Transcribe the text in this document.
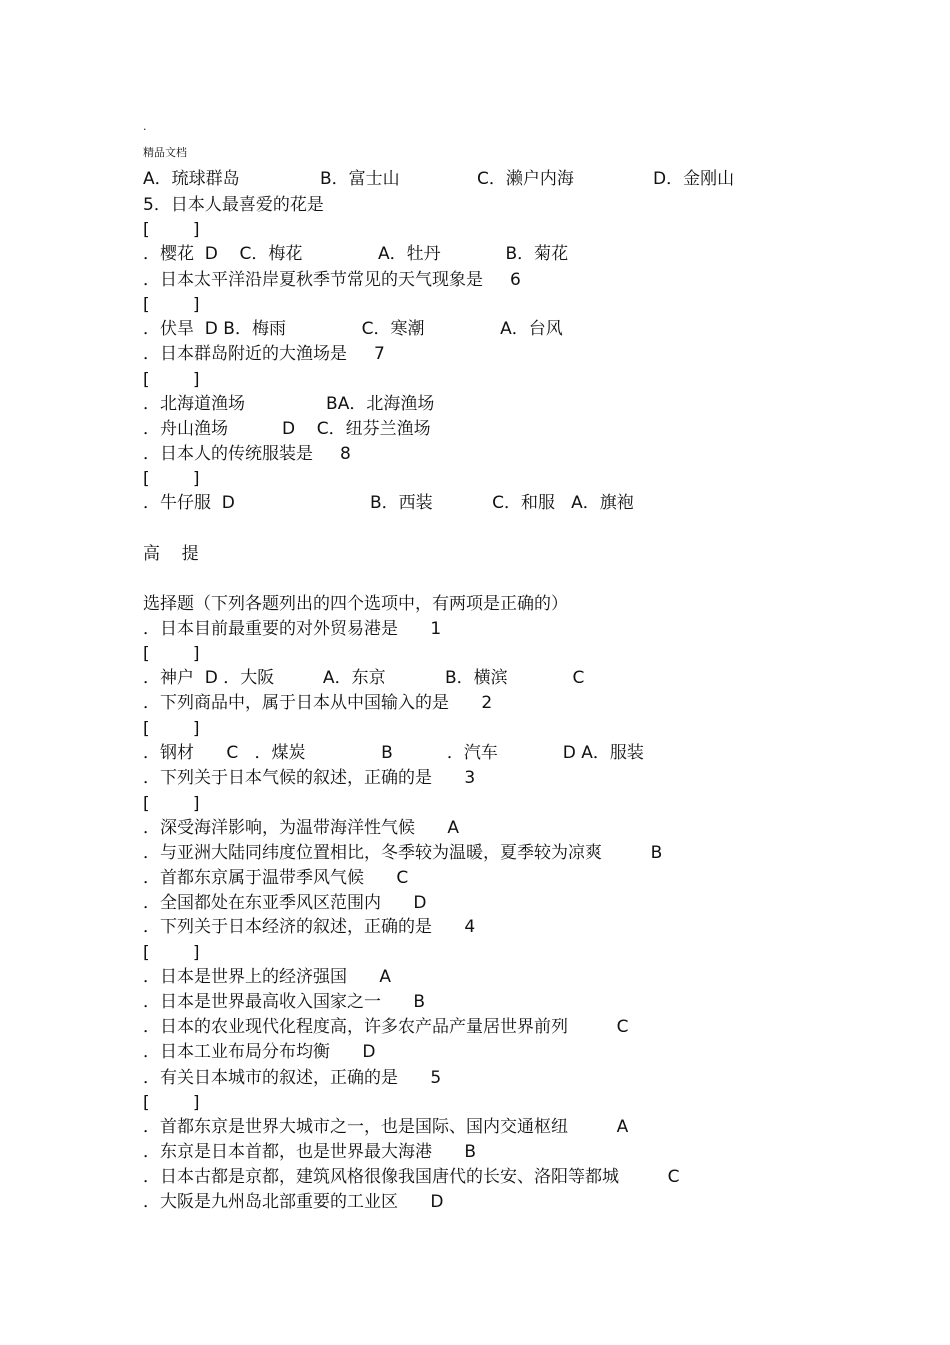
.
精品文档
A．琉球群岛	B．富士山	C．濑户内海	D．金刚山
5．日本人最喜爱的花是
[        ]
．樱花  D    C．梅花              A．牡丹            B．菊花
．日本太平洋沿岸夏秋季节常见的天气现象是     6
[        ]
．伏旱  D B．梅雨              C．寒潮              A．台风
．日本群岛附近的大渔场是     7
[        ]
．北海道渔场               BA．北海渔场
．舟山渔场          D    C．纽芬兰渔场
．日本人的传统服装是     8
[        ]
．牛仔服  D                         B．西装           C．和服   A．旗袍
高    提
选择题（下列各题列出的四个选项中，有两项是正确的）
．日本目前最重要的对外贸易港是      1
[        ]
．神户  D ．大阪         A．东京           B．横滨            C
．下列商品中，属于日本从中国输入的是      2
[        ]
．钢材      C   ．煤炭              B          ．汽车            D A．服装
．下列关于日本气候的叙述，正确的是      3
[        ]
．深受海洋影响，为温带海洋性气候      A
．与亚洲大陆同纬度位置相比，冬季较为温暖，夏季较为凉爽         B
．首都东京属于温带季风气候      C
．全国都处在东亚季风区范围内      D
．下列关于日本经济的叙述，正确的是      4
[        ]
．日本是世界上的经济强国      A
．日本是世界最高收入国家之一      B
．日本的农业现代化程度高，许多农产品产量居世界前列         C
．日本工业布局分布均衡      D
．有关日本城市的叙述，正确的是      5
[        ]
．首都东京是世界大城市之一，也是国际、国内交通枢纽         A
．东京是日本首都，也是世界最大海港      B
．日本古都是京都，建筑风格很像我国唐代的长安、洛阳等都城         C
．大阪是九州岛北部重要的工业区      D
